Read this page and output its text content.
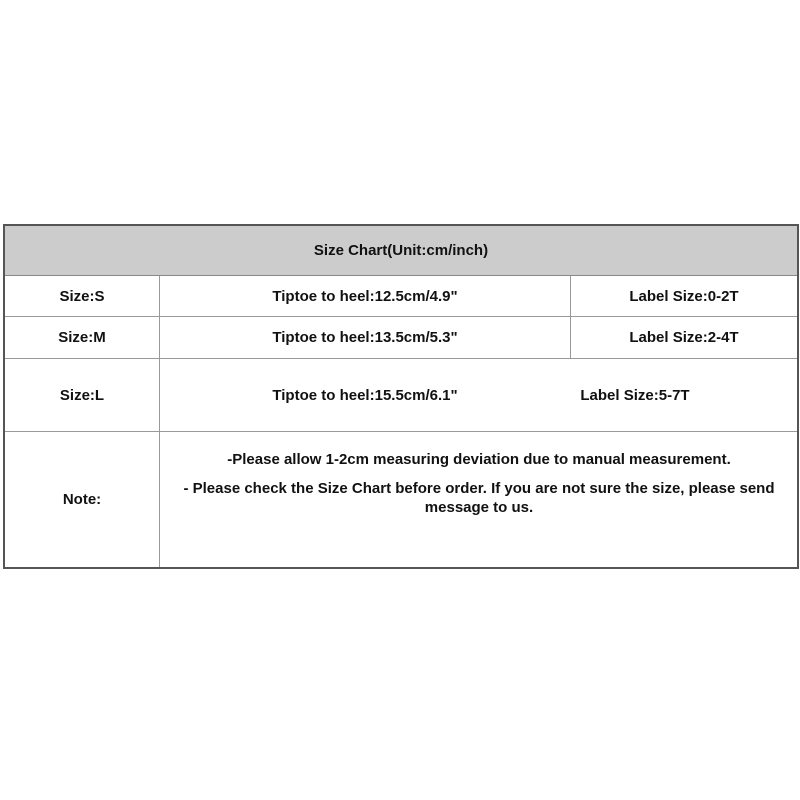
Size Chart(Unit:cm/inch)
Size:S	Tiptoe to heel:12.5cm/4.9"	Label Size:0-2T
Size:M	Tiptoe to heel:13.5cm/5.3"	Label Size:2-4T
Size:L	Tiptoe to heel:15.5cm/6.1"	Label Size:5-7T
Note:
-Please allow 1-2cm measuring deviation due to manual measurement.
- Please check the Size Chart before order. If you are not sure the size, please send message to us.
